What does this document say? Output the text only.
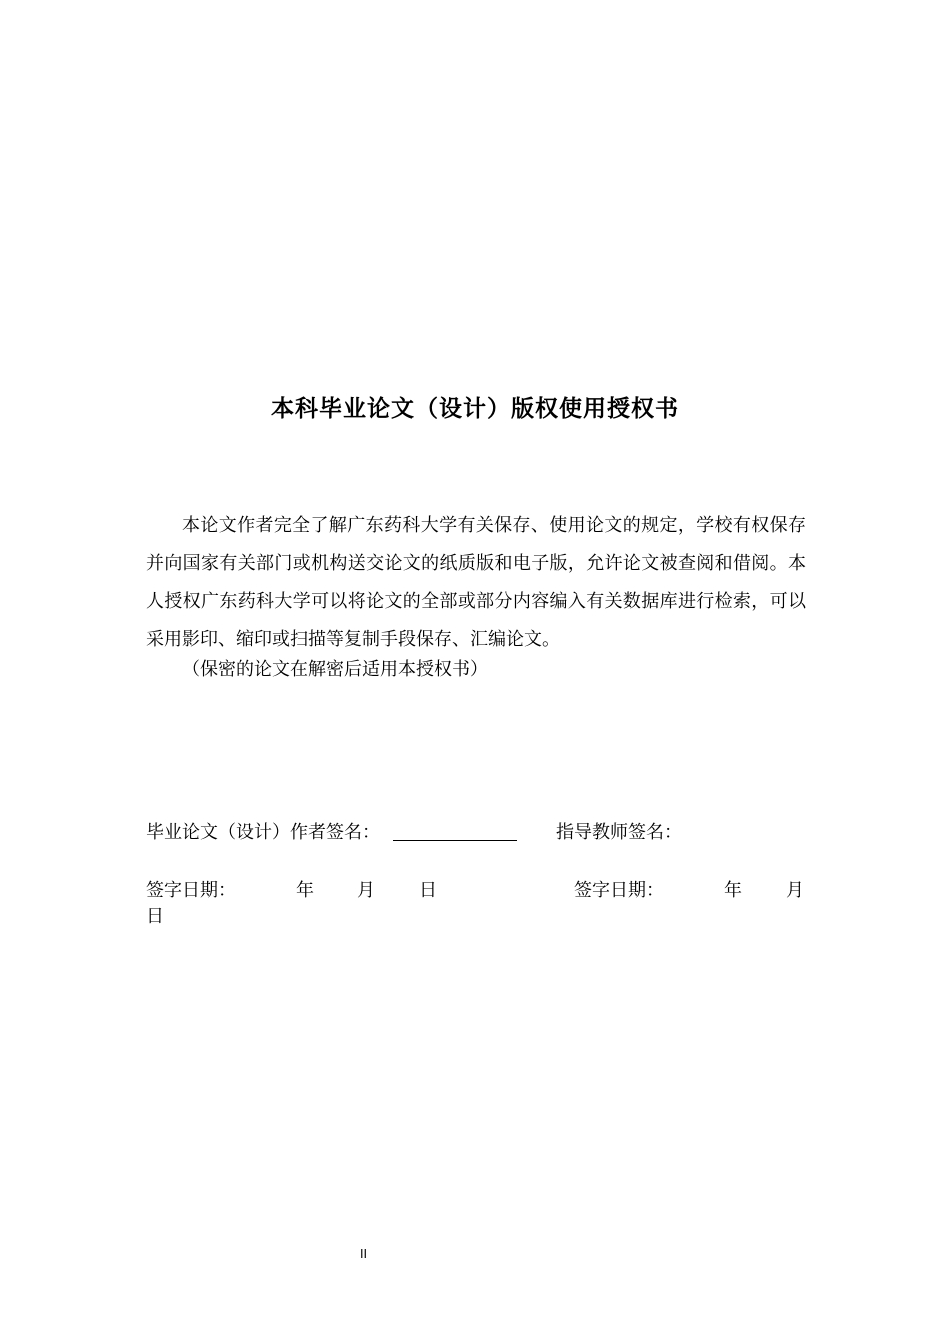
本科毕业论文（设计）版权使用授权书

本论文作者完全了解广东药科大学有关保存、使用论文的规定，学校有权保存并向国家有关部门或机构送交论文的纸质版和电子版，允许论文被查阅和借阅。本人授权广东药科大学可以将论文的全部或部分内容编入有关数据库进行检索，可以采用影印、缩印或扫描等复制手段保存、汇编论文。

（保密的论文在解密后适用本授权书）

毕业论文（设计）作者签名：	指导教师签名：
签字日期：	年 月 日	签字日期：	年 月
日
II
